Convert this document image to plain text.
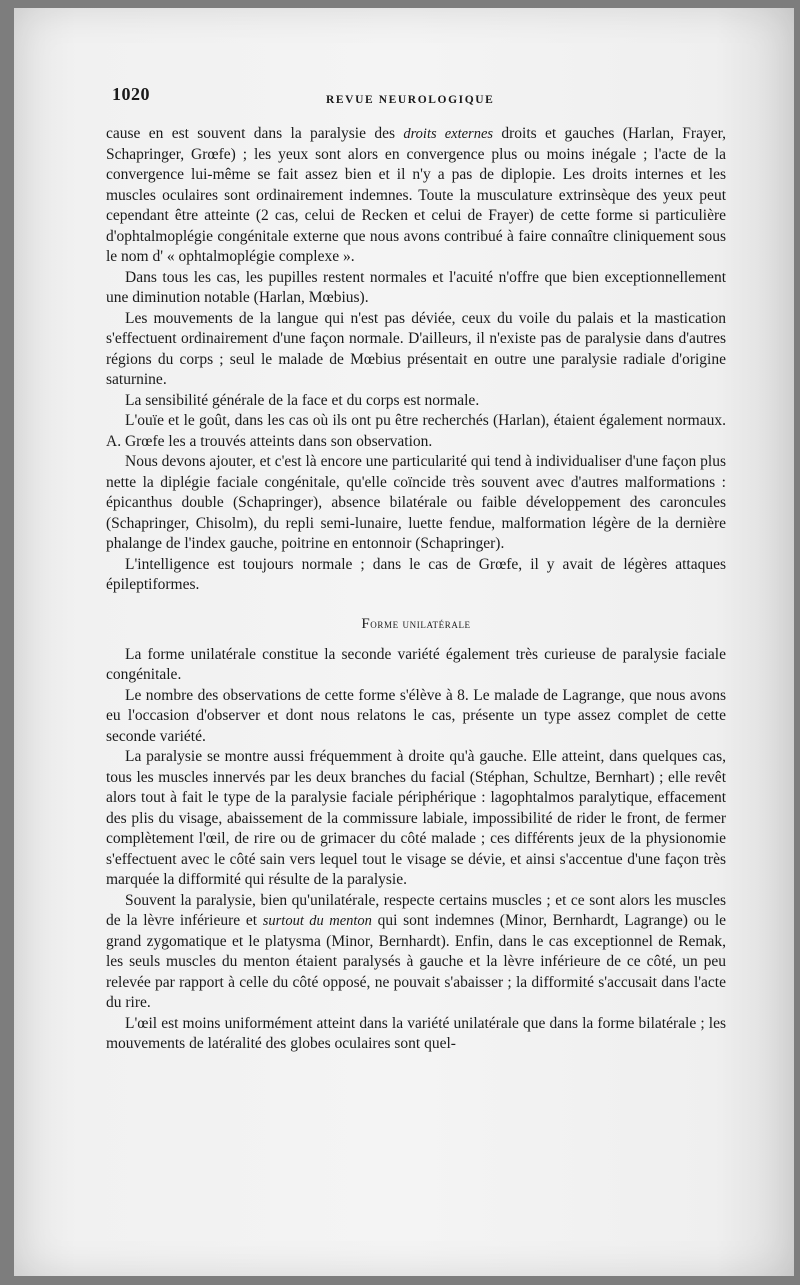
1020	REVUE NEUROLOGIQUE

cause en est souvent dans la paralysie des droits externes droits et gauches (Harlan, Frayer, Schapringer, Grœfe) ; les yeux sont alors en convergence plus ou moins inégale ; l'acte de la convergence lui-même se fait assez bien et il n'y a pas de diplopie. Les droits internes et les muscles oculaires sont ordinairement indemnes. Toute la musculature extrinsèque des yeux peut cependant être atteinte (2 cas, celui de Recken et celui de Frayer) de cette forme si particulière d'ophtalmoplégie congénitale externe que nous avons contribué à faire connaître cliniquement sous le nom d' « ophtalmoplégie complexe ».

Dans tous les cas, les pupilles restent normales et l'acuité n'offre que bien exceptionnellement une diminution notable (Harlan, Mœbius).

Les mouvements de la langue qui n'est pas déviée, ceux du voile du palais et la mastication s'effectuent ordinairement d'une façon normale. D'ailleurs, il n'existe pas de paralysie dans d'autres régions du corps ; seul le malade de Mœbius présentait en outre une paralysie radiale d'origine saturnine.

La sensibilité générale de la face et du corps est normale.

L'ouïe et le goût, dans les cas où ils ont pu être recherchés (Harlan), étaient également normaux. A. Grœfe les a trouvés atteints dans son observation.

Nous devons ajouter, et c'est là encore une particularité qui tend à individualiser d'une façon plus nette la diplégie faciale congénitale, qu'elle coïncide très souvent avec d'autres malformations : épicanthus double (Schapringer), absence bilatérale ou faible développement des caroncules (Schapringer, Chisolm), du repli semi-lunaire, luette fendue, malformation légère de la dernière phalange de l'index gauche, poitrine en entonnoir (Schapringer).

L'intelligence est toujours normale ; dans le cas de Grœfe, il y avait de légères attaques épileptiformes.

Forme unilatérale

La forme unilatérale constitue la seconde variété également très curieuse de paralysie faciale congénitale.

Le nombre des observations de cette forme s'élève à 8. Le malade de Lagrange, que nous avons eu l'occasion d'observer et dont nous relatons le cas, présente un type assez complet de cette seconde variété.

La paralysie se montre aussi fréquemment à droite qu'à gauche. Elle atteint, dans quelques cas, tous les muscles innervés par les deux branches du facial (Stéphan, Schultze, Bernhart) ; elle revêt alors tout à fait le type de la paralysie faciale périphérique : lagophtalmos paralytique, effacement des plis du visage, abaissement de la commissure labiale, impossibilité de rider le front, de fermer complètement l'œil, de rire ou de grimacer du côté malade ; ces différents jeux de la physionomie s'effectuent avec le côté sain vers lequel tout le visage se dévie, et ainsi s'accentue d'une façon très marquée la difformité qui résulte de la paralysie.

Souvent la paralysie, bien qu'unilatérale, respecte certains muscles ; et ce sont alors les muscles de la lèvre inférieure et surtout du menton qui sont indemnes (Minor, Bernhardt, Lagrange) ou le grand zygomatique et le platysma (Minor, Bernhardt). Enfin, dans le cas exceptionnel de Remak, les seuls muscles du menton étaient paralysés à gauche et la lèvre inférieure de ce côté, un peu relevée par rapport à celle du côté opposé, ne pouvait s'abaisser ; la difformité s'accusait dans l'acte du rire.

L'œil est moins uniformément atteint dans la variété unilatérale que dans la forme bilatérale ; les mouvements de latéralité des globes oculaires sont quel-
